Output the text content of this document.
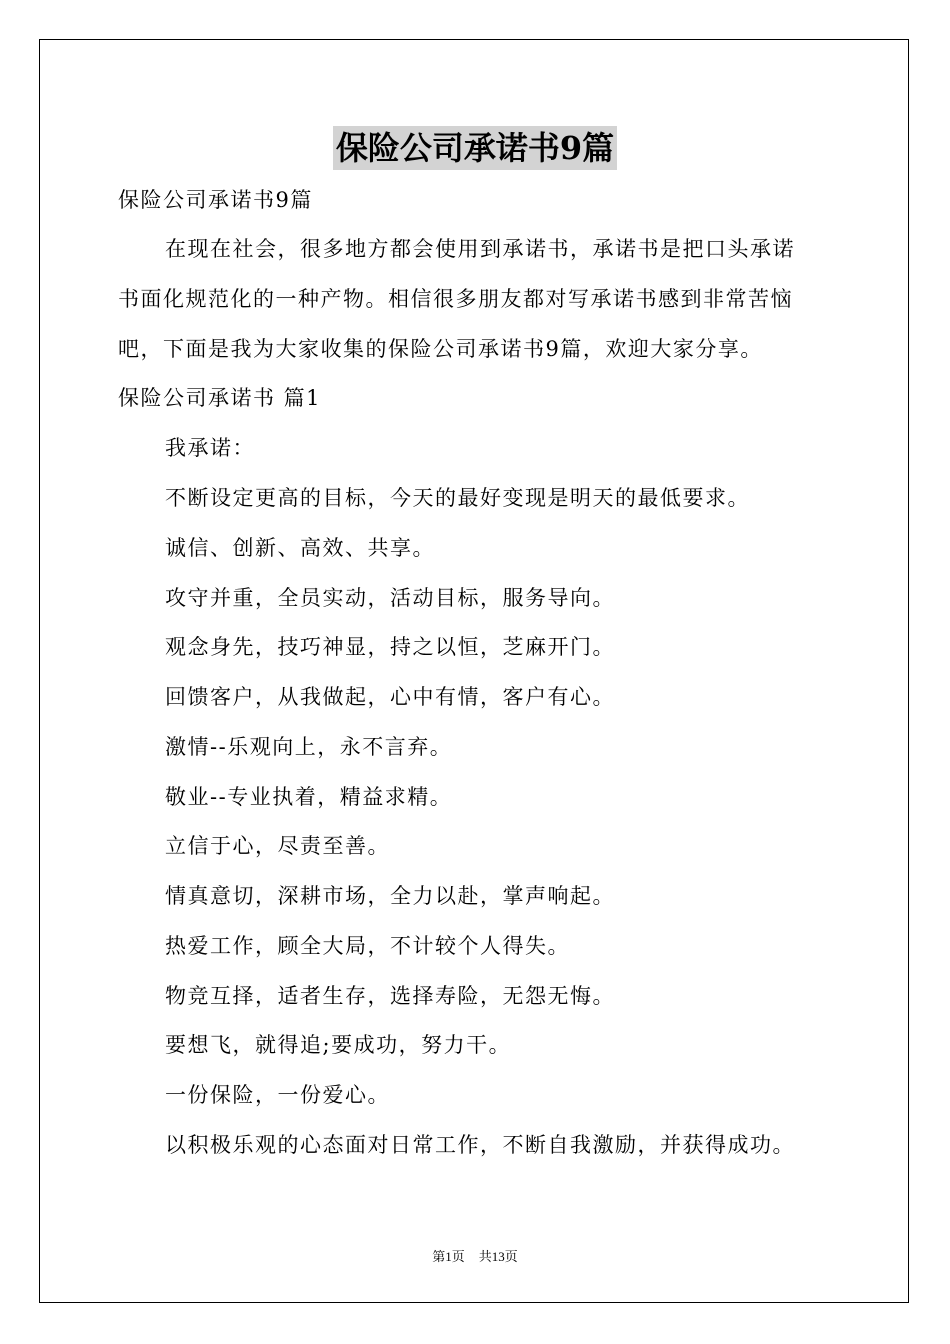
保险公司承诺书9篇
保险公司承诺书9篇
在现在社会，很多地方都会使用到承诺书，承诺书是把口头承诺
书面化规范化的一种产物。相信很多朋友都对写承诺书感到非常苦恼
吧，下面是我为大家收集的保险公司承诺书9篇，欢迎大家分享。
保险公司承诺书 篇1
我承诺：
不断设定更高的目标，今天的最好变现是明天的最低要求。
诚信、创新、高效、共享。
攻守并重，全员实动，活动目标，服务导向。
观念身先，技巧神显，持之以恒，芝麻开门。
回馈客户，从我做起，心中有情，客户有心。
激情--乐观向上，永不言弃。
敬业--专业执着，精益求精。
立信于心，尽责至善。
情真意切，深耕市场，全力以赴，掌声响起。
热爱工作，顾全大局，不计较个人得失。
物竞互择，适者生存，选择寿险，无怨无悔。
要想飞，就得追;要成功，努力干。
一份保险，一份爱心。
以积极乐观的心态面对日常工作，不断自我激励，并获得成功。
第1页 共13页
